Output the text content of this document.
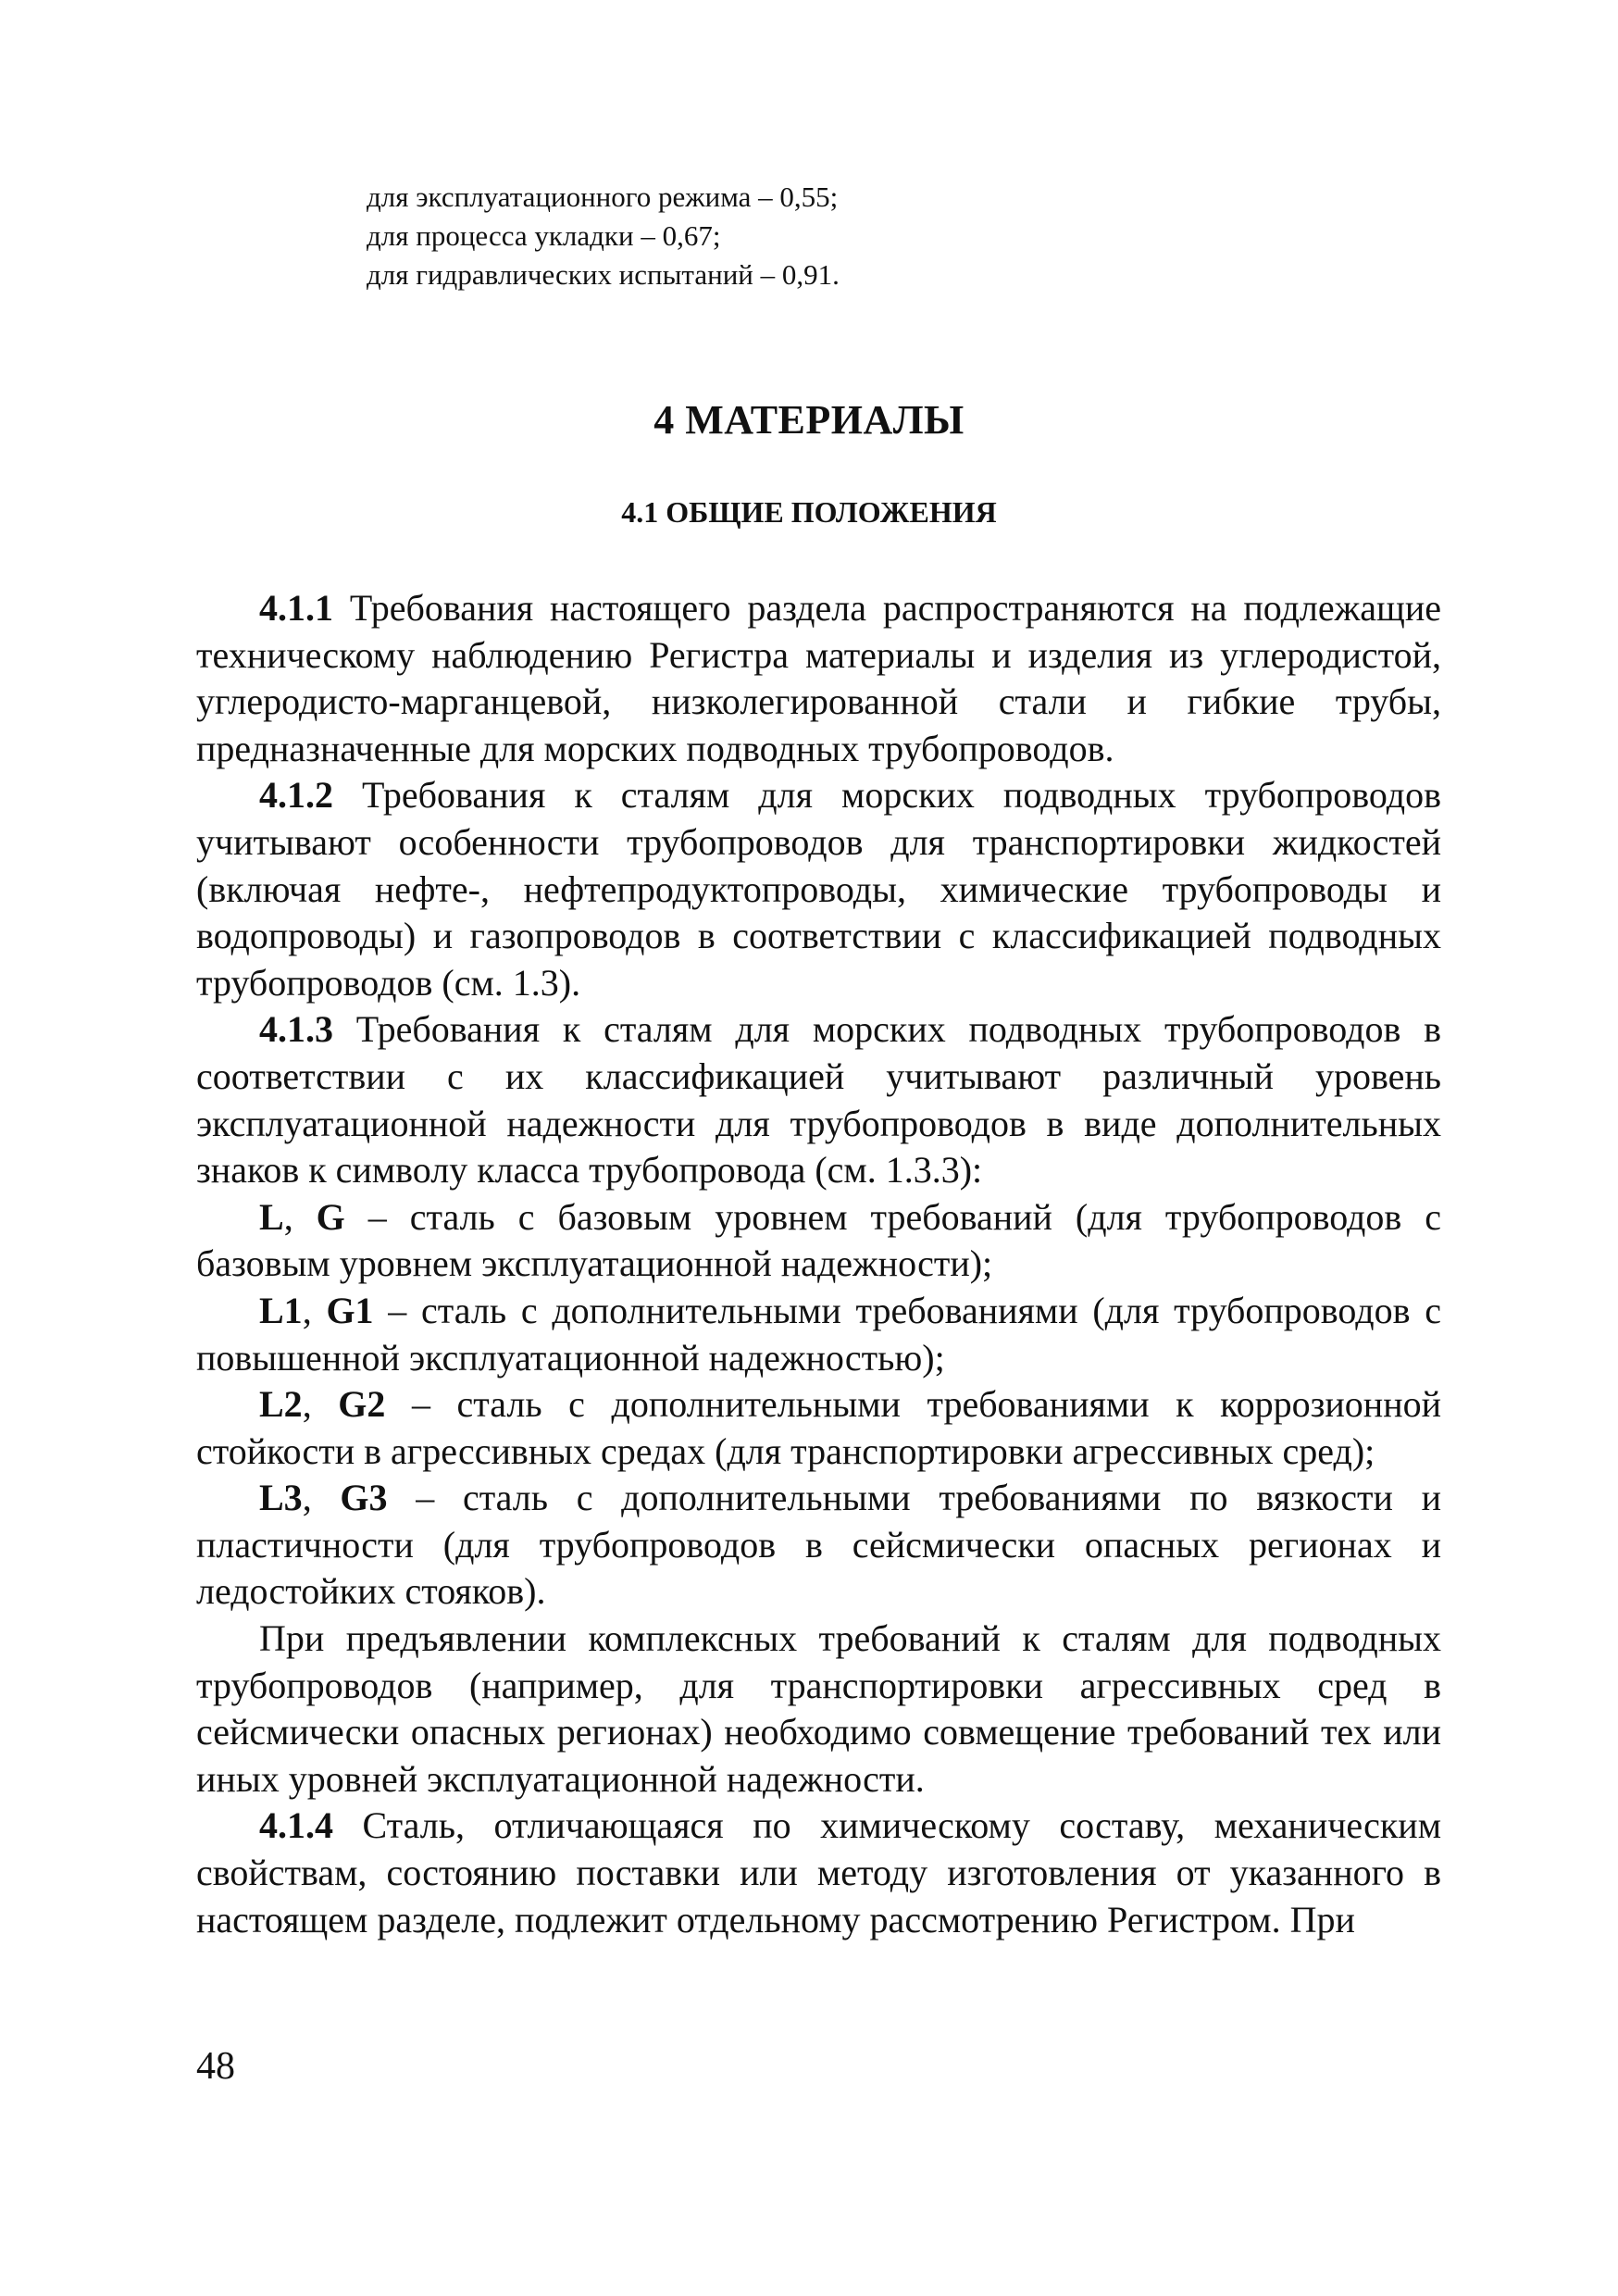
для эксплуатационного режима – 0,55;
для процесса укладки – 0,67;
для гидравлических испытаний – 0,91.
4 МАТЕРИАЛЫ
4.1 ОБЩИЕ ПОЛОЖЕНИЯ

4.1.1 Требования настоящего раздела распространяются на подлежащие техническому наблюдению Регистра материалы и изделия из углеродистой, углеродисто-марганцевой, низколегированной стали и гибкие трубы, предназначенные для морских подводных трубопроводов.

4.1.2 Требования к сталям для морских подводных трубопроводов учитывают особенности трубопроводов для транспортировки жидкостей (включая нефте-, нефтепродуктопроводы, химические трубопроводы и водопроводы) и газопроводов в соответствии с классификацией подводных трубопроводов (см. 1.3).

4.1.3 Требования к сталям для морских подводных трубопроводов в соответствии с их классификацией учитывают различный уровень эксплуатационной надежности для трубопроводов в виде дополнительных знаков к символу класса трубопровода (см. 1.3.3):

L, G – сталь с базовым уровнем требований (для трубопроводов с базовым уровнем эксплуатационной надежности);

L1, G1 – сталь с дополнительными требованиями (для трубопроводов с повышенной эксплуатационной надежностью);

L2, G2 – сталь с дополнительными требованиями к коррозионной стойкости в агрессивных средах (для транспортировки агрессивных сред);

L3, G3 – сталь с дополнительными требованиями по вязкости и пластичности (для трубопроводов в сейсмически опасных регионах и ледостойких стояков).

При предъявлении комплексных требований к сталям для подводных трубопроводов (например, для транспортировки агрессивных сред в сейсмически опасных регионах) необходимо совмещение требований тех или иных уровней эксплуатационной надежности.

4.1.4 Сталь, отличающаяся по химическому составу, механическим свойствам, состоянию поставки или методу изготовления от указанного в настоящем разделе, подлежит отдельному рассмотрению Регистром. При

48
